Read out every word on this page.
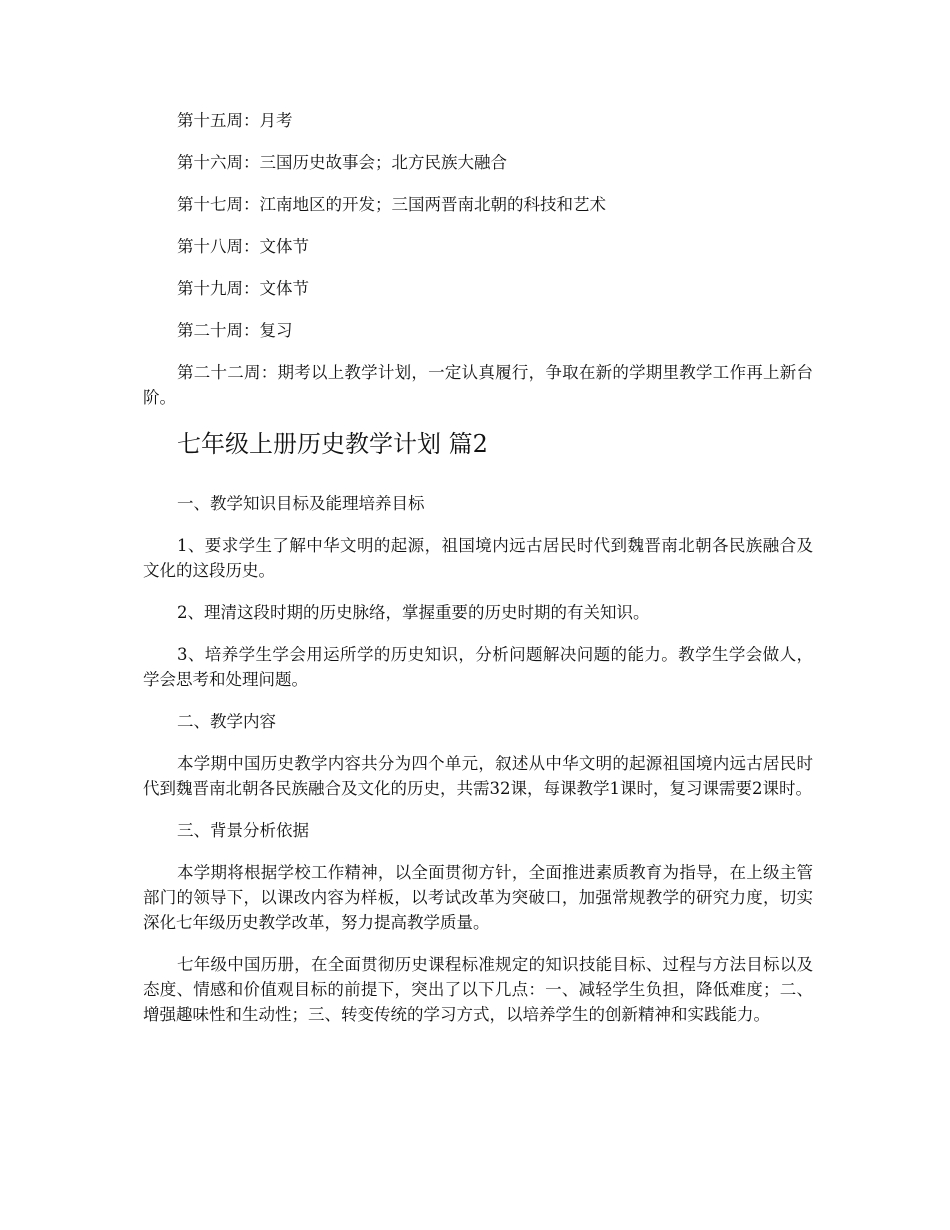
第十五周：月考

第十六周：三国历史故事会；北方民族大融合

第十七周：江南地区的开发；三国两晋南北朝的科技和艺术

第十八周：文体节

第十九周：文体节

第二十周：复习

第二十二周：期考以上教学计划，一定认真履行，争取在新的学期里教学工作再上新台阶。

七年级上册历史教学计划 篇2

一、教学知识目标及能理培养目标

1、要求学生了解中华文明的起源，祖国境内远古居民时代到魏晋南北朝各民族融合及文化的这段历史。

2、理清这段时期的历史脉络，掌握重要的历史时期的有关知识。

3、培养学生学会用运所学的历史知识，分析问题解决问题的能力。教学生学会做人，学会思考和处理问题。

二、教学内容

本学期中国历史教学内容共分为四个单元，叙述从中华文明的起源祖国境内远古居民时代到魏晋南北朝各民族融合及文化的历史，共需32课，每课教学1课时，复习课需要2课时。

三、背景分析依据

本学期将根据学校工作精神，以全面贯彻方针，全面推进素质教育为指导，在上级主管部门的领导下，以课改内容为样板，以考试改革为突破口，加强常规教学的研究力度，切实深化七年级历史教学改革，努力提高教学质量。

七年级中国历册，在全面贯彻历史课程标准规定的知识技能目标、过程与方法目标以及态度、情感和价值观目标的前提下，突出了以下几点：一、减轻学生负担，降低难度；二、增强趣味性和生动性；三、转变传统的学习方式，以培养学生的创新精神和实践能力。
